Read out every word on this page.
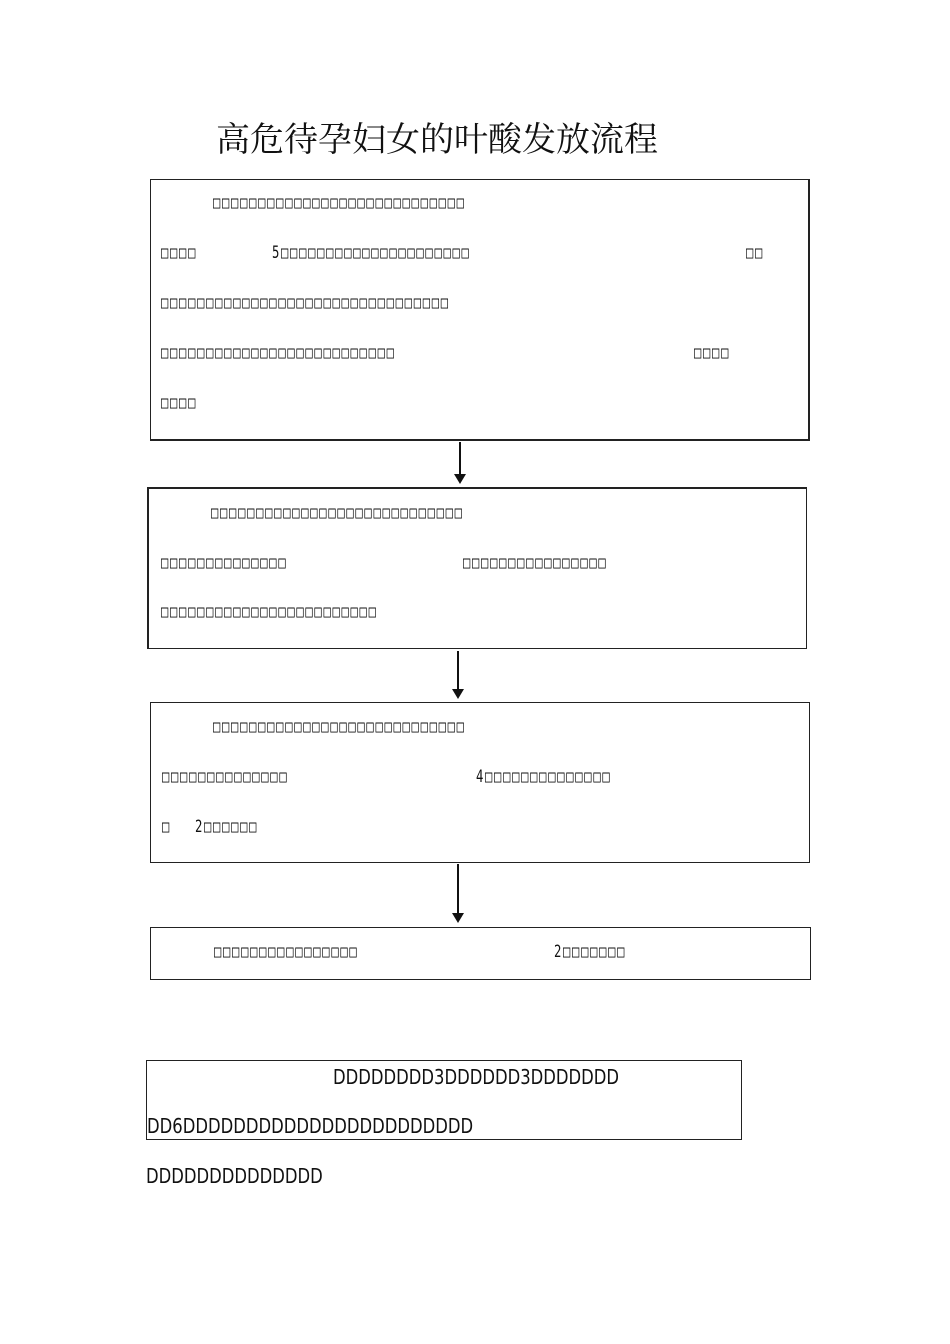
高危待孕妇女的叶酸发放流程
□□□□□□□□□□□□□□□□□□□□□□□□□□□□
□□□□	5□□□□□□□□□□□□□□□□□□□□□	□□
□□□□□□□□□□□□□□□□□□□□□□□□□□□□□□□□
□□□□□□□□□□□□□□□□□□□□□□□□□□	□□□□
□□□□
□□□□□□□□□□□□□□□□□□□□□□□□□□□□
□□□□□□□□□□□□□□	□□□□□□□□□□□□□□□□
□□□□□□□□□□□□□□□□□□□□□□□□
□□□□□□□□□□□□□□□□□□□□□□□□□□□□
□□□□□□□□□□□□□□	4□□□□□□□□□□□□□□
□ 2□□□□□□
□□□□□□□□□□□□□□□□	2□□□□□□□
DDDDDDDD3DDDDDD3DDDDDDD
DD6DDDDDDDDDDDDDDDDDDDDDDD
DDDDDDDDDDDDDD
